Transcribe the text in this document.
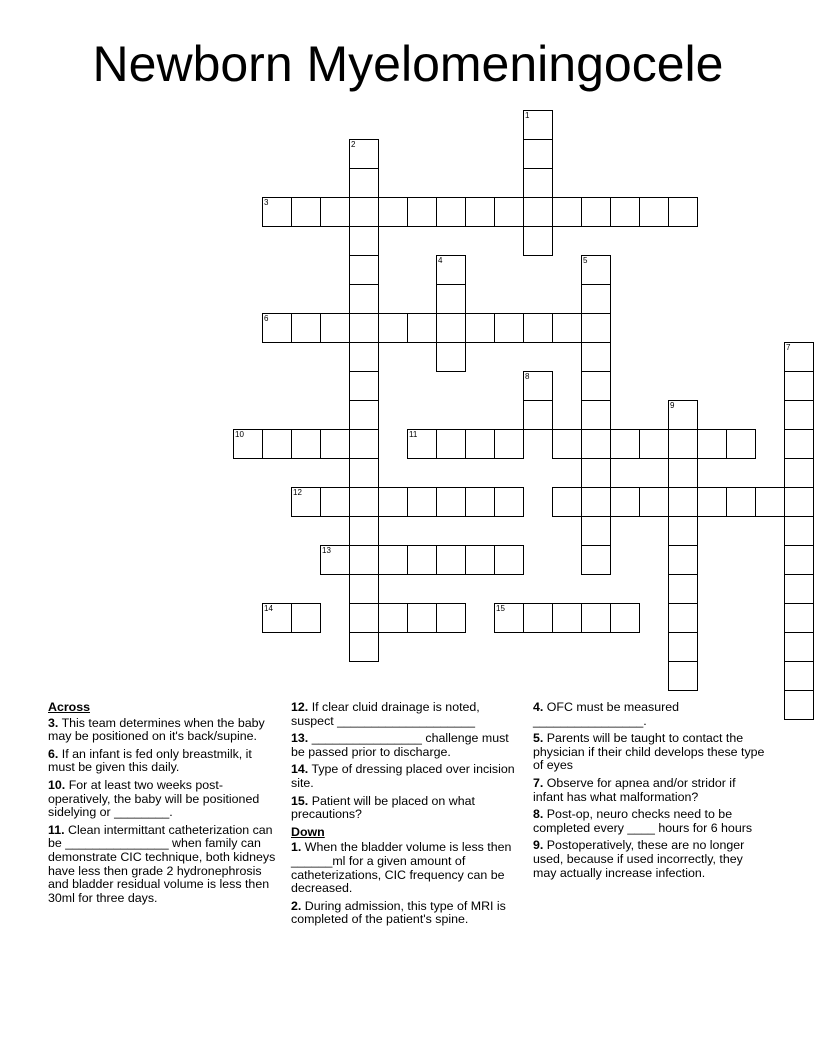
Newborn Myelomeningocele
1
2
3
4	5
6
7
8
9
10	11
12
13
14	15
Across
3. This team determines when the baby may be positioned on it's back/supine.
6. If an infant is fed only breastmilk, it must be given this daily.
10. For at least two weeks post-operatively, the baby will be positioned sidelying or ________.
11. Clean intermittant catheterization can be _______________ when family can demonstrate CIC technique, both kidneys have less then grade 2 hydronephrosis and bladder residual volume is less then 30ml for three days.
12. If clear cluid drainage is noted, suspect ____________________
13. ________________ challenge must be passed prior to discharge.
14. Type of dressing placed over incision site.
15. Patient will be placed on what precautions?
Down
1. When the bladder volume is less then ______ml for a given amount of catheterizations, CIC frequency can be decreased.
2. During admission, this type of MRI is completed of the patient's spine.
4. OFC must be measured ________________.
5. Parents will be taught to contact the physician if their child develops these type of eyes
7. Observe for apnea and/or stridor if infant has what malformation?
8. Post-op, neuro checks need to be completed every ____ hours for 6 hours
9. Postoperatively, these are no longer used, because if used incorrectly, they may actually increase infection.
